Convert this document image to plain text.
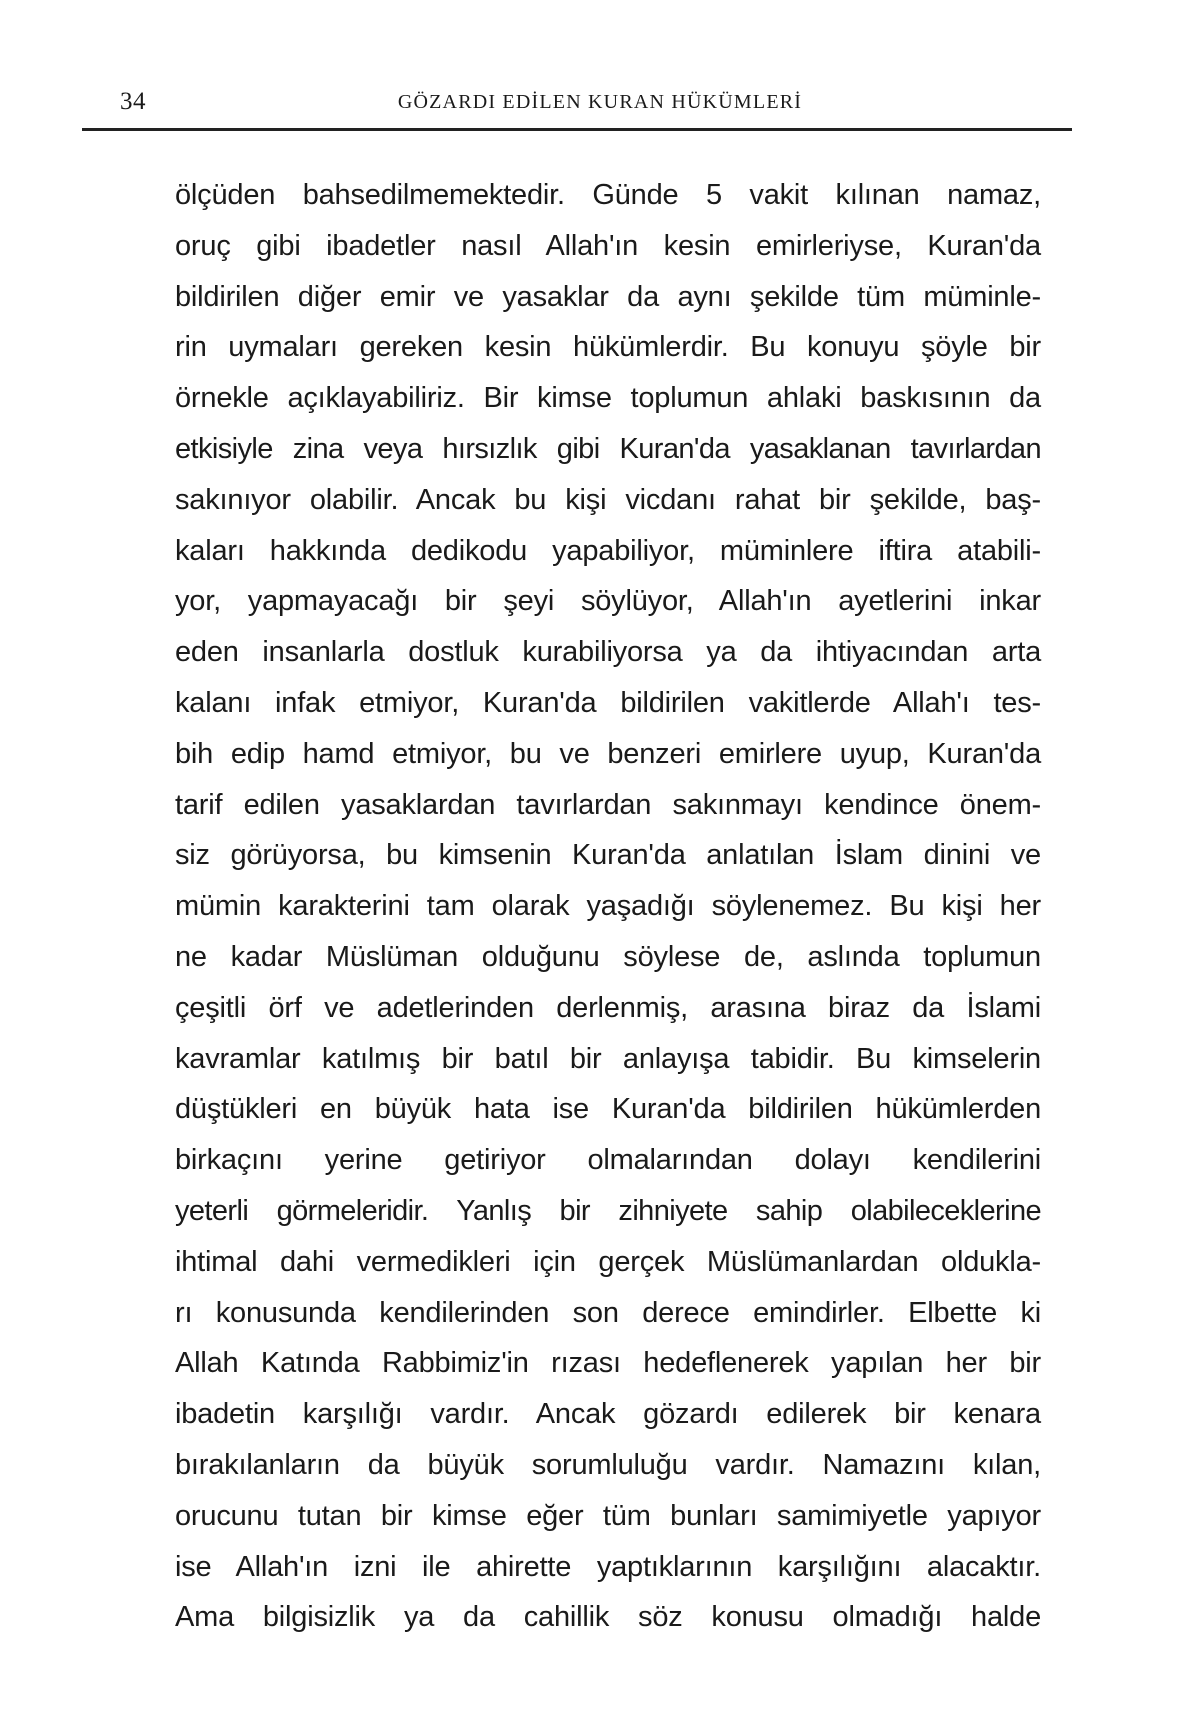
34	GÖZARDI EDİLEN KURAN HÜKÜMLERİ
ölçüden bahsedilmemektedir. Günde 5 vakit kılınan namaz,
oruç gibi ibadetler nasıl Allah'ın kesin emirleriyse, Kuran'da
bildirilen diğer emir ve yasaklar da aynı şekilde tüm müminle-
rin uymaları gereken kesin hükümlerdir. Bu konuyu şöyle bir
örnekle açıklayabiliriz. Bir kimse toplumun ahlaki baskısının da
etkisiyle zina veya hırsızlık gibi Kuran'da yasaklanan tavırlardan
sakınıyor olabilir. Ancak bu kişi vicdanı rahat bir şekilde, baş-
kaları hakkında dedikodu yapabiliyor, müminlere iftira atabili-
yor, yapmayacağı bir şeyi söylüyor, Allah'ın ayetlerini inkar
eden insanlarla dostluk kurabiliyorsa ya da ihtiyacından arta
kalanı infak etmiyor, Kuran'da bildirilen vakitlerde Allah'ı tes-
bih edip hamd etmiyor, bu ve benzeri emirlere uyup, Kuran'da
tarif edilen yasaklardan tavırlardan sakınmayı kendince önem-
siz görüyorsa, bu kimsenin Kuran'da anlatılan İslam dinini ve
mümin karakterini tam olarak yaşadığı söylenemez. Bu kişi her
ne kadar Müslüman olduğunu söylese de, aslında toplumun
çeşitli örf ve adetlerinden derlenmiş, arasına biraz da İslami
kavramlar katılmış bir batıl bir anlayışa tabidir. Bu kimselerin
düştükleri en büyük hata ise Kuran'da bildirilen hükümlerden
birkaçını yerine getiriyor olmalarından dolayı kendilerini
yeterli görmeleridir. Yanlış bir zihniyete sahip olabileceklerine
ihtimal dahi vermedikleri için gerçek Müslümanlardan oldukla-
rı konusunda kendilerinden son derece emindirler. Elbette ki
Allah Katında Rabbimiz'in rızası hedeflenerek yapılan her bir
ibadetin karşılığı vardır. Ancak gözardı edilerek bir kenara
bırakılanların da büyük sorumluluğu vardır. Namazını kılan,
orucunu tutan bir kimse eğer tüm bunları samimiyetle yapıyor
ise Allah'ın izni ile ahirette yaptıklarının karşılığını alacaktır.
Ama bilgisizlik ya da cahillik söz konusu olmadığı halde
